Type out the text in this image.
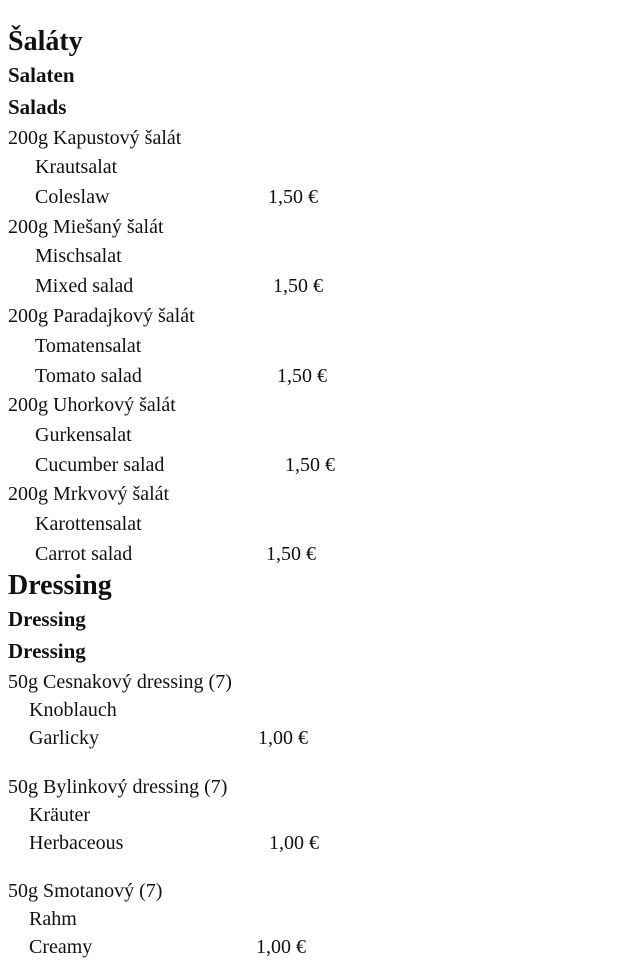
Šaláty
Salaten
Salads
200g Kapustový šalát
Krautsalat
Coleslaw	1,50 €
200g Miešaný šalát
Mischsalat
Mixed salad	1,50 €
200g Paradajkový šalát
Tomatensalat
Tomato salad	1,50 €
200g Uhorkový šalát
Gurkensalat
Cucumber salad	1,50 €
200g Mrkvový šalát
Karottensalat
Carrot salad	1,50 €
Dressing
Dressing
Dressing
50g Cesnakový dressing (7)
Knoblauch
Garlicky	1,00 €
50g Bylinkový dressing (7)
Kräuter
Herbaceous	1,00 €
50g Smotanový (7)
Rahm
Creamy	1,00 €
